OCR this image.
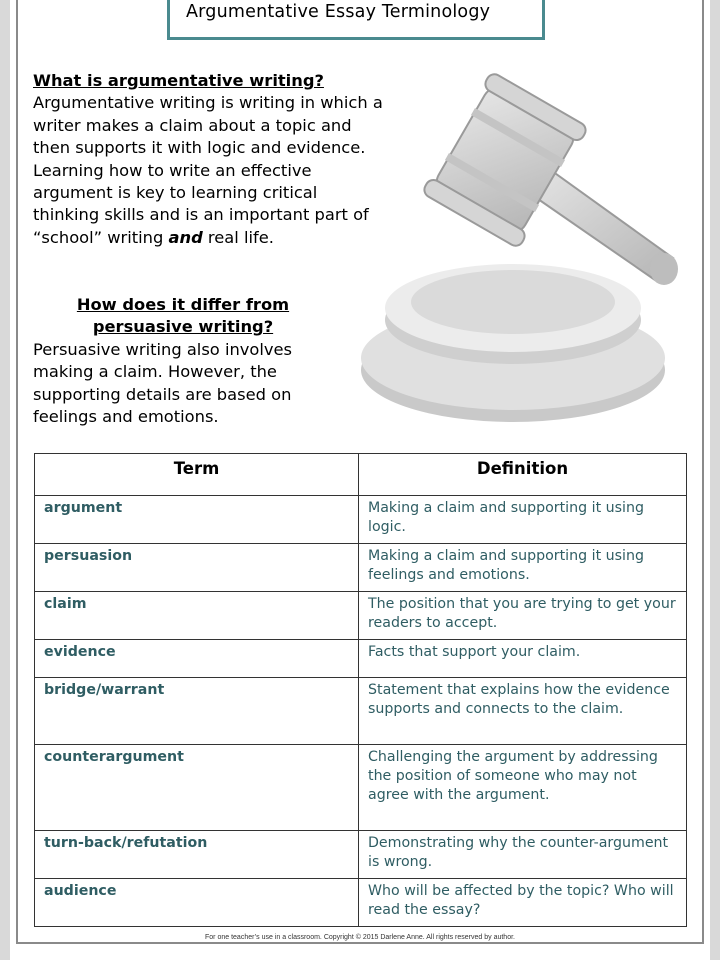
Argumentative Essay Terminology
What is argumentative writing?
Argumentative writing is writing in which a writer makes a claim about a topic and then supports it with logic and evidence. Learning how to write an effective argument is key to learning critical thinking skills and is an important part of “school” writing and real life.
How does it differ from persuasive writing?
Persuasive writing also involves making a claim. However, the supporting details are based on feelings and emotions.
Term	Definition
argument	Making a claim and supporting it using logic.
persuasion	Making a claim and supporting it using feelings and emotions.
claim	The position that you are trying to get your readers to accept.
evidence	Facts that support your claim.
bridge/warrant	Statement that explains how the evidence supports and connects to the claim.
counterargument	Challenging the argument by addressing the position of someone who may not agree with the argument.
turn-back/refutation	Demonstrating why the counter-argument is wrong.
audience	Who will be affected by the topic? Who will read the essay?
For one teacher’s use in a classroom. Copyright © 2015 Darlene Anne. All rights reserved by author.
